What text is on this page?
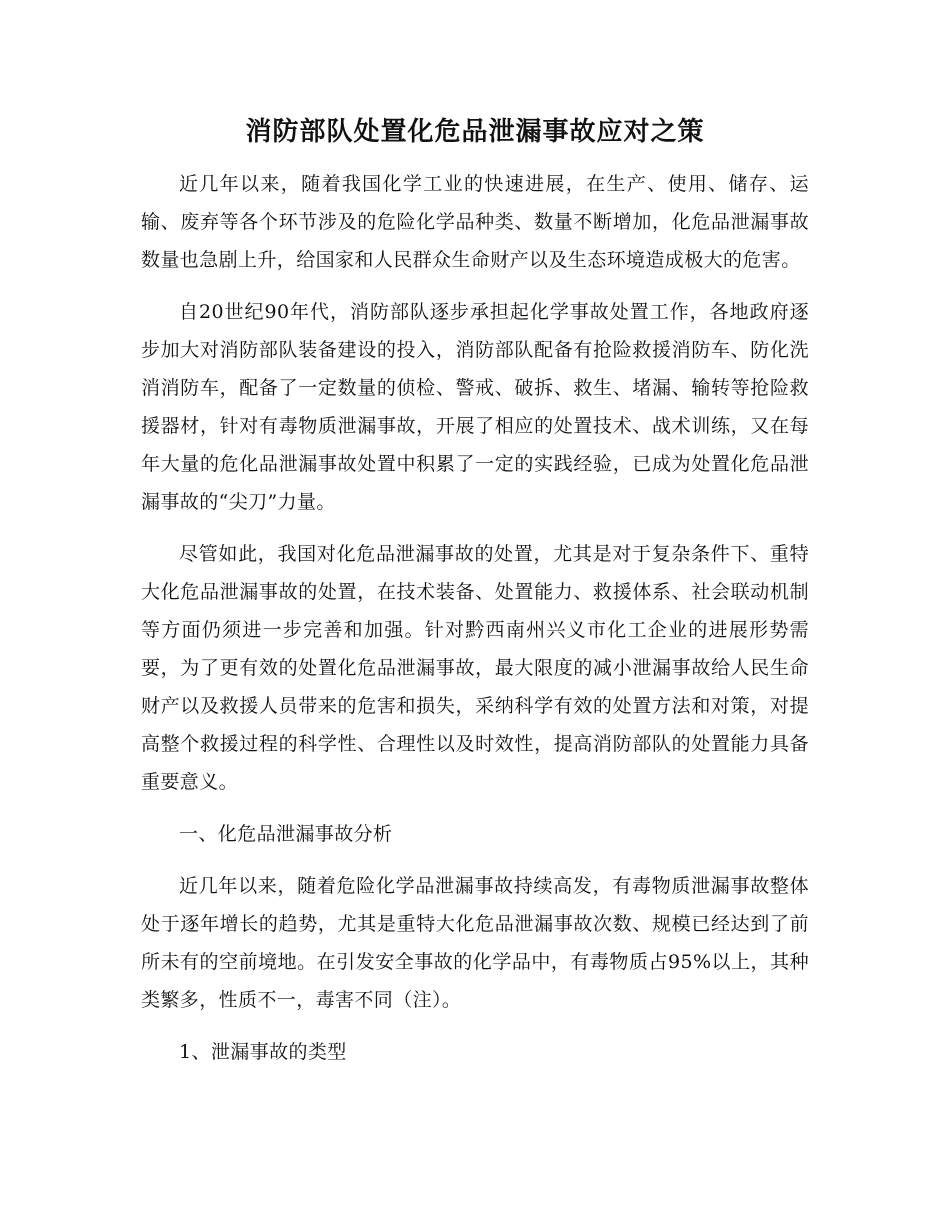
消防部队处置化危品泄漏事故应对之策

近几年以来，随着我国化学工业的快速进展，在生产、使用、储存、运输、废弃等各个环节涉及的危险化学品种类、数量不断增加，化危品泄漏事故数量也急剧上升，给国家和人民群众生命财产以及生态环境造成极大的危害。

自20世纪90年代，消防部队逐步承担起化学事故处置工作，各地政府逐步加大对消防部队装备建设的投入，消防部队配备有抢险救援消防车、防化洗消消防车，配备了一定数量的侦检、警戒、破拆、救生、堵漏、输转等抢险救援器材，针对有毒物质泄漏事故，开展了相应的处置技术、战术训练，又在每年大量的危化品泄漏事故处置中积累了一定的实践经验，已成为处置化危品泄漏事故的“尖刀”力量。

尽管如此，我国对化危品泄漏事故的处置，尤其是对于复杂条件下、重特大化危品泄漏事故的处置，在技术装备、处置能力、救援体系、社会联动机制等方面仍须进一步完善和加强。针对黔西南州兴义市化工企业的进展形势需要，为了更有效的处置化危品泄漏事故，最大限度的减小泄漏事故给人民生命财产以及救援人员带来的危害和损失，采纳科学有效的处置方法和对策，对提高整个救援过程的科学性、合理性以及时效性，提高消防部队的处置能力具备重要意义。

一、化危品泄漏事故分析

近几年以来，随着危险化学品泄漏事故持续高发，有毒物质泄漏事故整体处于逐年增长的趋势，尤其是重特大化危品泄漏事故次数、规模已经达到了前所未有的空前境地。在引发安全事故的化学品中，有毒物质占95%以上，其种类繁多，性质不一，毒害不同（注）。

1、泄漏事故的类型
